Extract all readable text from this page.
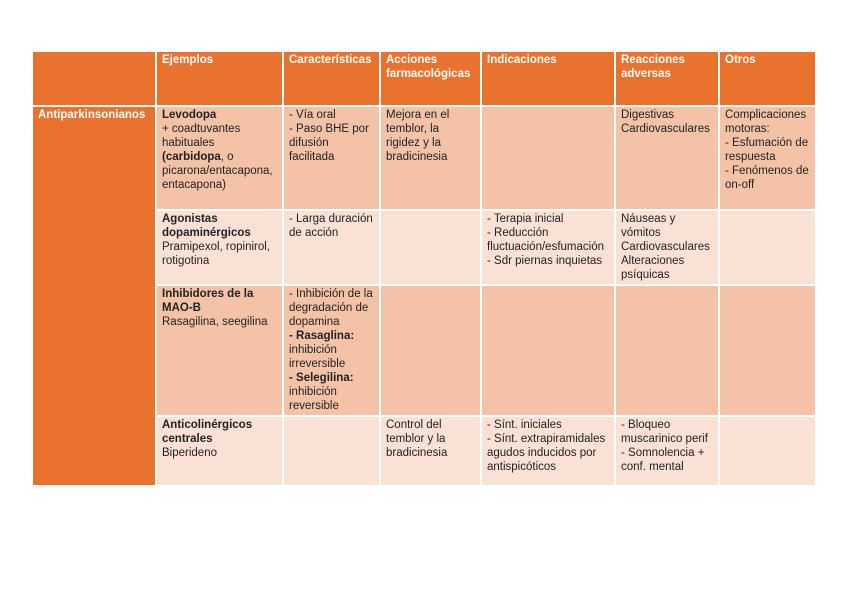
	Ejemplos	Características	Acciones farmacológicas	Indicaciones	Reacciones adversas	Otros
Antiparkinsonianos	Levodopa
+ coadtuvantes habituales
(carbidopa, o picarona/entacapona, entacapona)	- Vía oral
- Paso BHE por difusión facilitada	Mejora en el temblor, la rigidez y la bradicinesia		Digestivas
Cardiovasculares	Complicaciones motoras:
- Esfumación de respuesta
- Fenómenos de on-off

	Agonistas dopaminérgicos
Pramipexol, ropinirol, rotigotina	- Larga duración de acción		- Terapia inicial
- Reducción fluctuación/esfumación
- Sdr piernas inquietas	Náuseas y vómitos
Cardiovasculares
Alteraciones psíquicas	

	Inhibidores de la MAO-B
Rasagilina, seegilina	- Inhibición de la degradación de dopamina
- Rasaglina:
inhibición irreversible
- Selegilina:
inhibición reversible				

	Anticolinérgicos centrales
Biperideno		Control del temblor y la bradicinesia	- Sínt. iniciales
- Sínt. extrapiramidales agudos inducidos por antispicóticos	- Bloqueo muscarinico perif
- Somnolencia + conf. mental	
